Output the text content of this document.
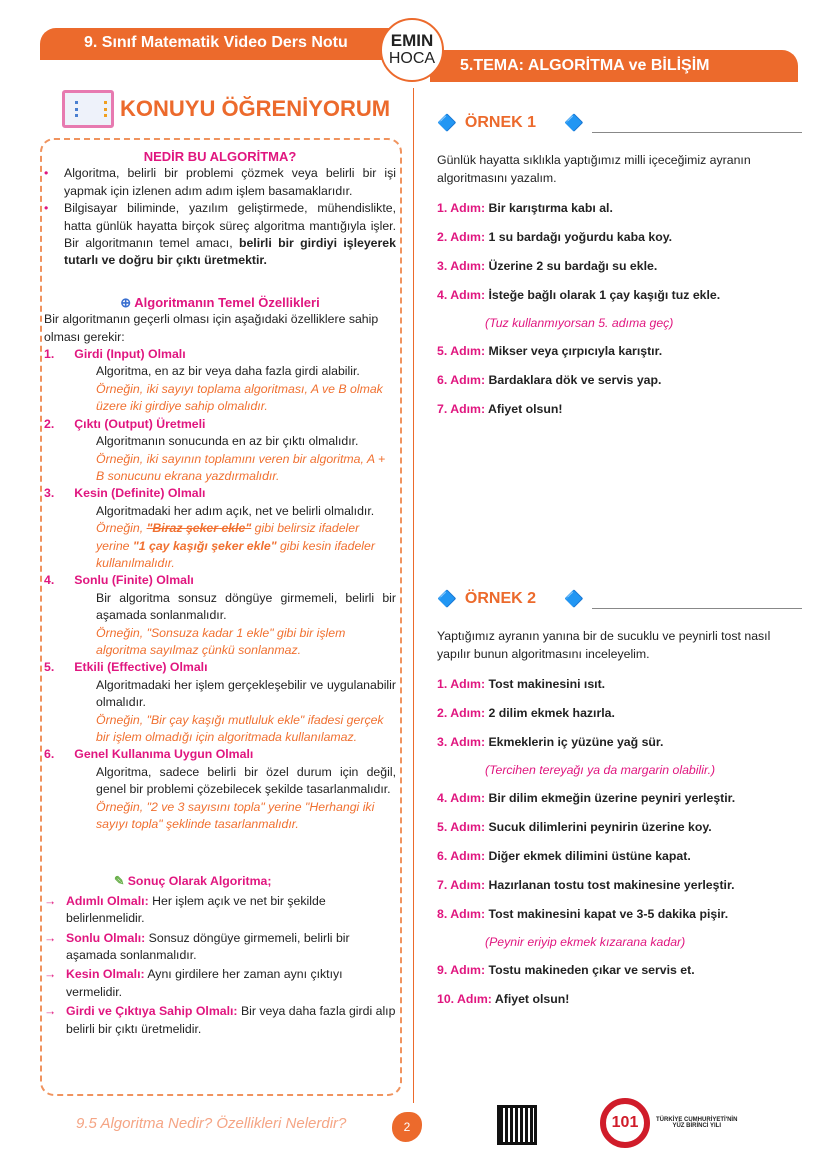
9. Sınıf Matematik Video Ders Notu
5.TEMA: ALGORİTMA ve BİLİŞİM
EMIN
HOCA
KONUYU ÖĞRENİYORUM
NEDİR BU ALGORİTMA?
• Algoritma, belirli bir problemi çözmek veya belirli bir işi yapmak için izlenen adım adım işlem basamaklarıdır.
• Bilgisayar biliminde, yazılım geliştirmede, mühendislikte, hatta günlük hayatta birçok süreç algoritma mantığıyla işler. Bir algoritmanın temel amacı, belirli bir girdiyi işleyerek tutarlı ve doğru bir çıktı üretmektir.
⊕ Algoritmanın Temel Özellikleri
Bir algoritmanın geçerli olması için aşağıdaki özelliklere sahip olması gerekir:
1. Girdi (Input) Olmalı
Algoritma, en az bir veya daha fazla girdi alabilir.
Örneğin, iki sayıyı toplama algoritması, A ve B olmak üzere iki girdiye sahip olmalıdır.
2. Çıktı (Output) Üretmeli
Algoritmanın sonucunda en az bir çıktı olmalıdır.
Örneğin, iki sayının toplamını veren bir algoritma, A + B sonucunu ekrana yazdırmalıdır.
3. Kesin (Definite) Olmalı
Algoritmadaki her adım açık, net ve belirli olmalıdır.
Örneğin, "Biraz şeker ekle" gibi belirsiz ifadeler yerine "1 çay kaşığı şeker ekle" gibi kesin ifadeler kullanılmalıdır.
4. Sonlu (Finite) Olmalı
Bir algoritma sonsuz döngüye girmemeli, belirli bir aşamada sonlanmalıdır.
Örneğin, "Sonsuza kadar 1 ekle" gibi bir işlem algoritma sayılmaz çünkü sonlanmaz.
5. Etkili (Effective) Olmalı
Algoritmadaki her işlem gerçekleşebilir ve uygulanabilir olmalıdır.
Örneğin, "Bir çay kaşığı mutluluk ekle" ifadesi gerçek bir işlem olmadığı için algoritmada kullanılamaz.
6. Genel Kullanıma Uygun Olmalı
Algoritma, sadece belirli bir özel durum için değil, genel bir problemi çözebilecek şekilde tasarlanmalıdır.
Örneğin, "2 ve 3 sayısını topla" yerine "Herhangi iki sayıyı topla" şeklinde tasarlanmalıdır.
✎ Sonuç Olarak Algoritma;
→ Adımlı Olmalı: Her işlem açık ve net bir şekilde belirlenmelidir.
→ Sonlu Olmalı: Sonsuz döngüye girmemeli, belirli bir aşamada sonlanmalıdır.
→ Kesin Olmalı: Aynı girdilere her zaman aynı çıktıyı vermelidir.
→ Girdi ve Çıktıya Sahip Olmalı: Bir veya daha fazla girdi alıp belirli bir çıktı üretmelidir.
🔷 ÖRNEK 1 🔷
Günlük hayatta sıklıkla yaptığımız milli içeceğimiz ayranın algoritmasını yazalım.
1. Adım: Bir karıştırma kabı al.
2. Adım: 1 su bardağı yoğurdu kaba koy.
3. Adım: Üzerine 2 su bardağı su ekle.
4. Adım: İsteğe bağlı olarak 1 çay kaşığı tuz ekle.
(Tuz kullanmıyorsan 5. adıma geç)
5. Adım: Mikser veya çırpıcıyla karıştır.
6. Adım: Bardaklara dök ve servis yap.
7. Adım: Afiyet olsun!
🔷 ÖRNEK 2 🔷
Yaptığımız ayranın yanına bir de sucuklu ve peynirli tost nasıl yapılır bunun algoritmasını inceleyelim.
1. Adım: Tost makinesini ısıt.
2. Adım: 2 dilim ekmek hazırla.
3. Adım: Ekmeklerin iç yüzüne yağ sür.
(Tercihen tereyağı ya da margarin olabilir.)
4. Adım: Bir dilim ekmeğin üzerine peyniri yerleştir.
5. Adım: Sucuk dilimlerini peynirin üzerine koy.
6. Adım: Diğer ekmek dilimini üstüne kapat.
7. Adım: Hazırlanan tostu tost makinesine yerleştir.
8. Adım: Tost makinesini kapat ve 3-5 dakika pişir.
(Peynir eriyip ekmek kızarana kadar)
9. Adım: Tostu makineden çıkar ve servis et.
10. Adım: Afiyet olsun!
9.5 Algoritma Nedir? Özellikleri Nelerdir?	2	101	TÜRKİYE CUMHURİYETİ'NİN
YÜZ BİRİNCİ YILI
